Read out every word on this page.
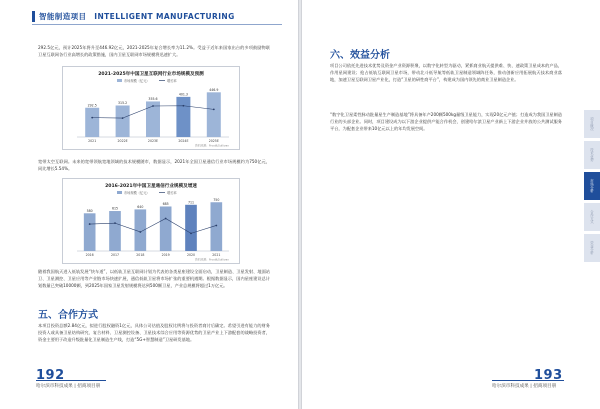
智能制造项目　INTELLIGENT MANUFACTURING
292.5亿元，预计2025年将升至446.92亿元，2021-2025年复合增长率为11.2%。受益于近年来国家出台的多项鼓励物联卫星互联网各行业高增长的政策措施，国内卫星互联网市场规模将迅速扩大。
2021-2025年中国卫星互联网行业市场规模及预测
市场规模（亿元）	增长率
292.5
2021
315.2
2022E
355.6
2023E
401.3
2024E
446.9
2025E
资料来源：Frost&Sullivan
宽带太空互联网。未来的宽带领航宽地领域的技术规模随市，数据显示，2021年全国卫星通信行业市场规模约为750亿元，同比增长5.54%。
2016-2021年中国卫星通信行业规模及增速
市场规模（亿元）	增长率
580
2016
615
2017
640
2018
685
2019
711
2020
750
2021
资料来源：Frost&Sullivan
随着我国航天进入低轨发展“快车道”，以低轨卫星互联网计划为代表的各类星座建设全面启动，卫星制造、卫星发射、地面站卫、卫星测控、卫星应用等产业链市场快速扩展，通信低轨卫星将市场扩张的重要机遇期。根据数据显示，国内星座建设总计划数量已突破10000颗，到2025年国家卫星发射规模将达到500颗卫星，产业总规模将超过1万亿元。
五、合作方式
本项目投资总额2.84亿元，拟进行股权融资1亿元，具体公司估值及股权比例将与投资者商讨后确定。希望引进有能力的财务投资人或具备卫星结构研究、复合材料、卫星测控设备、卫星技术综合应用等资源优势的卫星产业上下游配套的战略投资者，资金主要用于改造升级批量化卫星制造生产线，打造“5G+智慧制造”卫星研发基地。
192
哈尔滨市科技成果 | 招商项目册
六、效益分析
项目公司依托先进技术优势及资金产业资源积聚，以数字化转型为驱动，紧抓商业航天提供难、快、速政策卫星成本的产品，作用星网建设；抢占低轨互联网卫星市场，带动北斗低导航等低轨卫星制造领域阵任务，推动创新应用拓展航天技术商业落地，加速卫星互联网卫星产业化，打造“卫星的研性商平台”，构建成为国内领先的商业卫星制造企业。
“数字化卫星柔性脉动批量星生产制造基地”将具备年产200颗500kg量级卫星能力，实现20亿元产值；打造成为我国卫星制造行业的头部企业。同时，项目建设成为以下游企业提供产能合作机会，创建哈尔滨卫星产业新上下游企业并放的公共测试服务平台，为配套企业带来10亿元以上的年均发展空间。	项目概况
技术优势
市场分析
合作方式
效益分析
193
哈尔滨市科技成果 | 招商项目册
